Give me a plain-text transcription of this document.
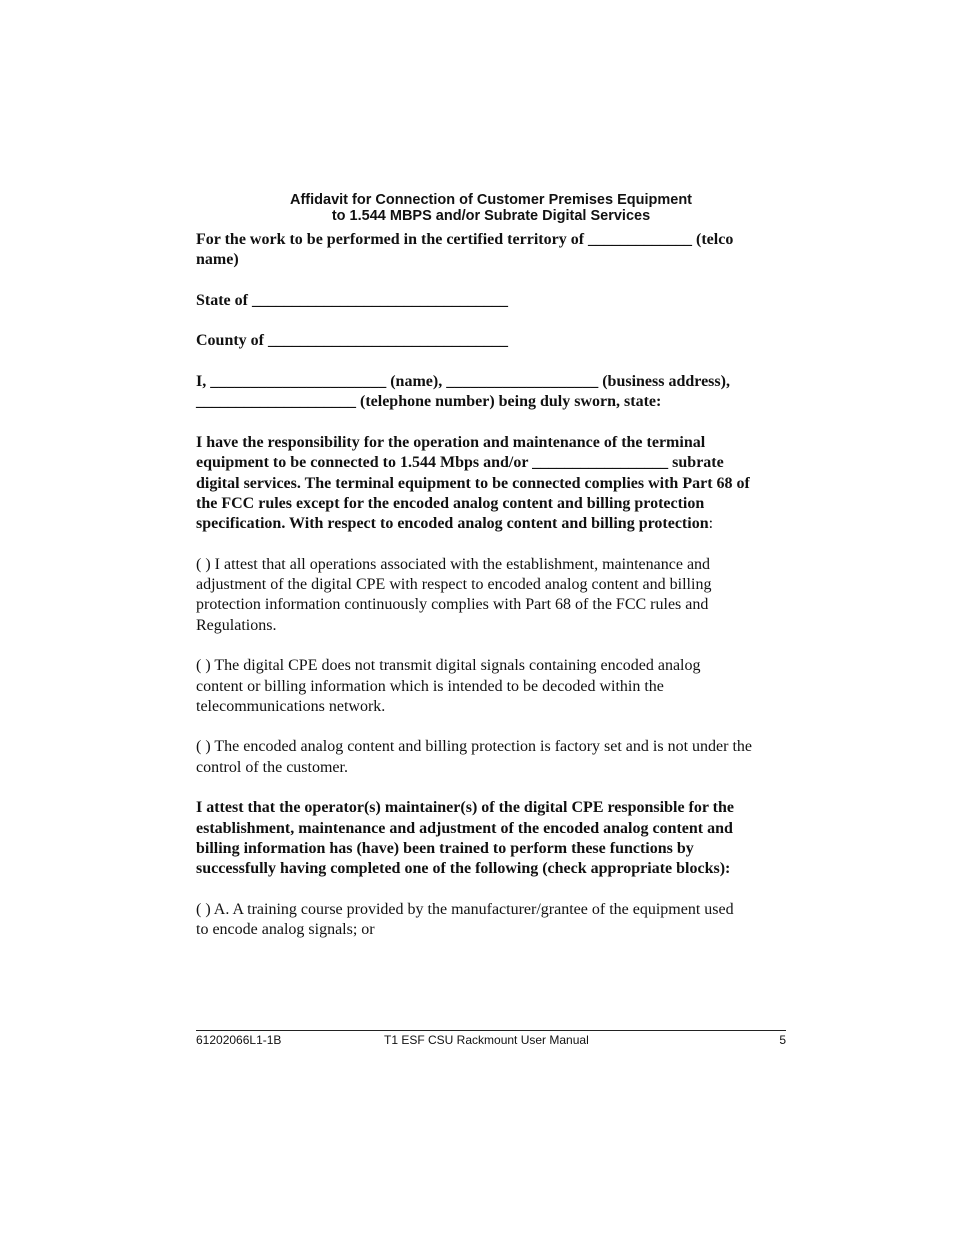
Affidavit for Connection of Customer Premises Equipment
to 1.544 MBPS and/or Subrate Digital Services

For the work to be performed in the certified territory of _____________ (telco
name)

State of ________________________________

County of ______________________________

I, ______________________ (name), ___________________ (business address),
____________________ (telephone number) being duly sworn, state:

I have the responsibility for the operation and maintenance of the terminal
equipment to be connected to 1.544 Mbps and/or _________________ subrate
digital services. The terminal equipment to be connected complies with Part 68 of
the FCC rules except for the encoded analog content and billing protection
specification. With respect to encoded analog content and billing protection:

( ) I attest that all operations associated with the establishment, maintenance and
adjustment of the digital CPE with respect to encoded analog content and billing
protection information continuously complies with Part 68 of the FCC rules and
Regulations.

( ) The digital CPE does not transmit digital signals containing encoded analog
content or billing information which is intended to be decoded within the
telecommunications network.

( ) The encoded analog content and billing protection is factory set and is not under the
control of the customer.

I attest that the operator(s) maintainer(s) of the digital CPE responsible for the
establishment, maintenance and adjustment of the encoded analog content and
billing information has (have) been trained to perform these functions by
successfully having completed one of the following (check appropriate blocks):

( ) A. A training course provided by the manufacturer/grantee of the equipment used
to encode analog signals; or

61202066L1-1B	T1 ESF CSU Rackmount User Manual	5
